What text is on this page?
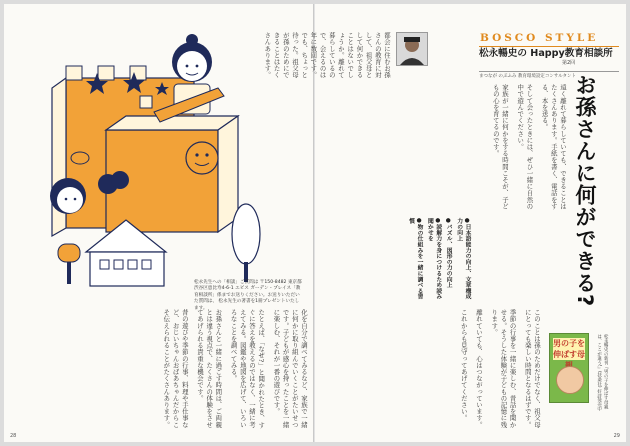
松永先生への「相談」ご質問は 〒150-8482 東京都渋谷区恵比寿4-6-1 エビス ガーデン・プレイス「教育相談所」係までお送りください。お送りいただいた質問は、 松永先生の著書を1冊プレゼントいたします。

化を自分で調べてみるなど、家族で一緒に何かに取り組んでいくことがたいせつです。子どもが感心を持ったことを一緒に楽しむ、それが一番の遊びです。

たとえば、「なぜ?」と聞かれたとき、すぐに答えを教えるのではなく、一緒に考えてみる。図鑑や地図を広げて、いろいろなことを調べてみる。

お孫さんと一緒に過ごす時間は、ご両親とは違う視点で、たくさんの体験をさせてあげられる貴重な機会です。

昔の遊びや季節の行事、料理や手仕事など、おじいちゃんおばあちゃんだからこそ伝えられることがたくさんあります。

28
都会に住むお孫さんの教育に対して、祖父母として何かできることはないでしょうか。離れて暮らしているので、会えるのは年に数回です。でも、ちょっと待った。祖父母が孫のためにできることはたくさんあります。	BOSCO STYLE
松永暢史の Happy教育相談所
第2回
まつなが のぶふみ 教育環境設定コンサルタント
お孫さんに何ができる?

遠く離れて暮らしていても、できることはたくさんあります。手紙を書く、電話をする、本を送る。

そして会ったときには、ぜひ一緒に自然の中で遊んでください。

家族が一緒に何かをする時間こそが、子どもの心を育てるのです。

●日本語能力の向上、文章構成力の向上
●パズル、図形の力の向上
●読解力を身につけるため読み聞かせを
●物の仕組みを一緒に調べる習慣

このことは孫のためだけでなく、祖父母にとっても楽しい時間となるはずです。

季節の行事を一緒に楽しむ、昔話を聞かせる。そうした体験が子どもの記憶に残ります。

離れていても、心はつながっています。

これからも見守ってあげてください。	男の子を伸ばす母	松永暢史の新刊『男の子を伸ばす母親は、ここが違う!』(扶桑社) 好評発売中
29
